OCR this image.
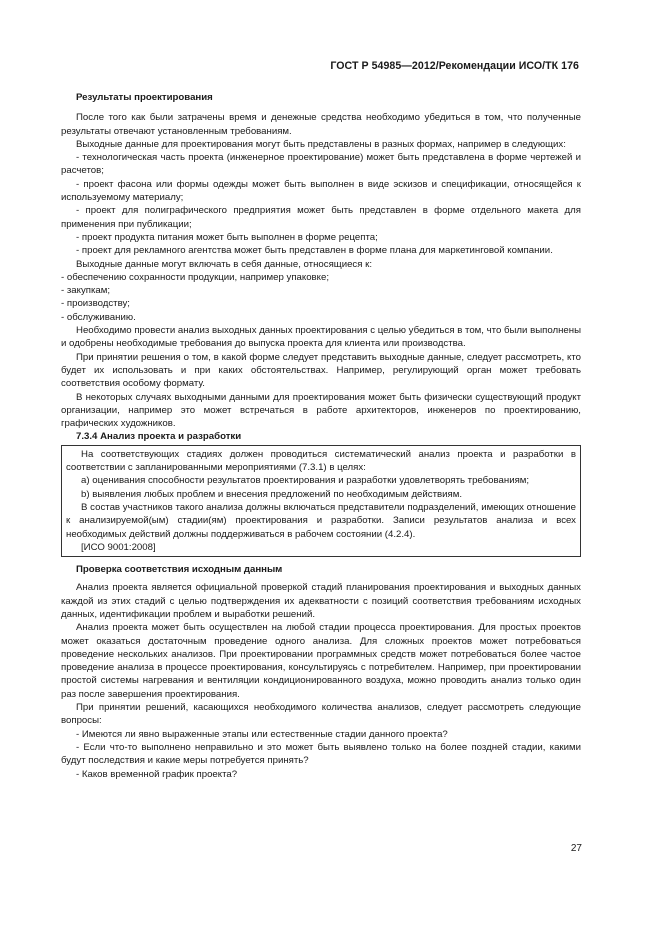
ГОСТ Р 54985—2012/Рекомендации ИСО/ТК 176

Результаты проектирования

После того как были затрачены время и денежные средства необходимо убедиться в том, что полученные результаты отвечают установленным требованиям.

Выходные данные для проектирования могут быть представлены в разных формах, например в следующих:

- технологическая часть проекта (инженерное проектирование) может быть представлена в форме чертежей и расчетов;

- проект фасона или формы одежды может быть выполнен в виде эскизов и спецификации, относящейся к используемому материалу;

- проект для полиграфического предприятия может быть представлен в форме отдельного макета для применения при публикации;

- проект продукта питания может быть выполнен в форме рецепта;

- проект для рекламного агентства может быть представлен в форме плана для маркетинговой компании.

Выходные данные могут включать в себя данные, относящиеся к:

- обеспечению сохранности продукции, например упаковке;

- закупкам;

- производству;

- обслуживанию.

Необходимо провести анализ выходных данных проектирования с целью убедиться в том, что были выполнены и одобрены необходимые требования до выпуска проекта для клиента или производства.

При принятии решения о том, в какой форме следует представить выходные данные, следует рассмотреть, кто будет их использовать и при каких обстоятельствах. Например, регулирующий орган может требовать соответствия особому формату.

В некоторых случаях выходными данными для проектирования может быть физически существующий продукт организации, например это может встречаться в работе архитекторов, инженеров по проектированию, графических художников.

7.3.4 Анализ проекта и разработки

На соответствующих стадиях должен проводиться систематический анализ проекта и разработки в соответствии с запланированными мероприятиями (7.3.1) в целях:

a) оценивания способности результатов проектирования и разработки удовлетворять требованиям;

b) выявления любых проблем и внесения предложений по необходимым действиям.

В состав участников такого анализа должны включаться представители подразделений, имеющих отношение к анализируемой(ым) стадии(ям) проектирования и разработки. Записи результатов анализа и всех необходимых действий должны поддерживаться в рабочем состоянии (4.2.4).

[ИСО 9001:2008]

Проверка соответствия исходным данным

Анализ проекта является официальной проверкой стадий планирования проектирования и выходных данных каждой из этих стадий с целью подтверждения их адекватности с позиций соответствия требованиям исходных данных, идентификации проблем и выработки решений.

Анализ проекта может быть осуществлен на любой стадии процесса проектирования. Для простых проектов может оказаться достаточным проведение одного анализа. Для сложных проектов может потребоваться проведение нескольких анализов. При проектировании программных средств может потребоваться более частое проведение анализа в процессе проектирования, консультируясь с потребителем. Например, при проектировании простой системы нагревания и вентиляции кондиционированного воздуха, можно проводить анализ только один раз после завершения проектирования.

При принятии решений, касающихся необходимого количества анализов, следует рассмотреть следующие вопросы:

- Имеются ли явно выраженные этапы или естественные стадии данного проекта?

- Если что-то выполнено неправильно и это может быть выявлено только на более поздней стадии, какими будут последствия и какие меры потребуется принять?

- Каков временной график проекта?

27
